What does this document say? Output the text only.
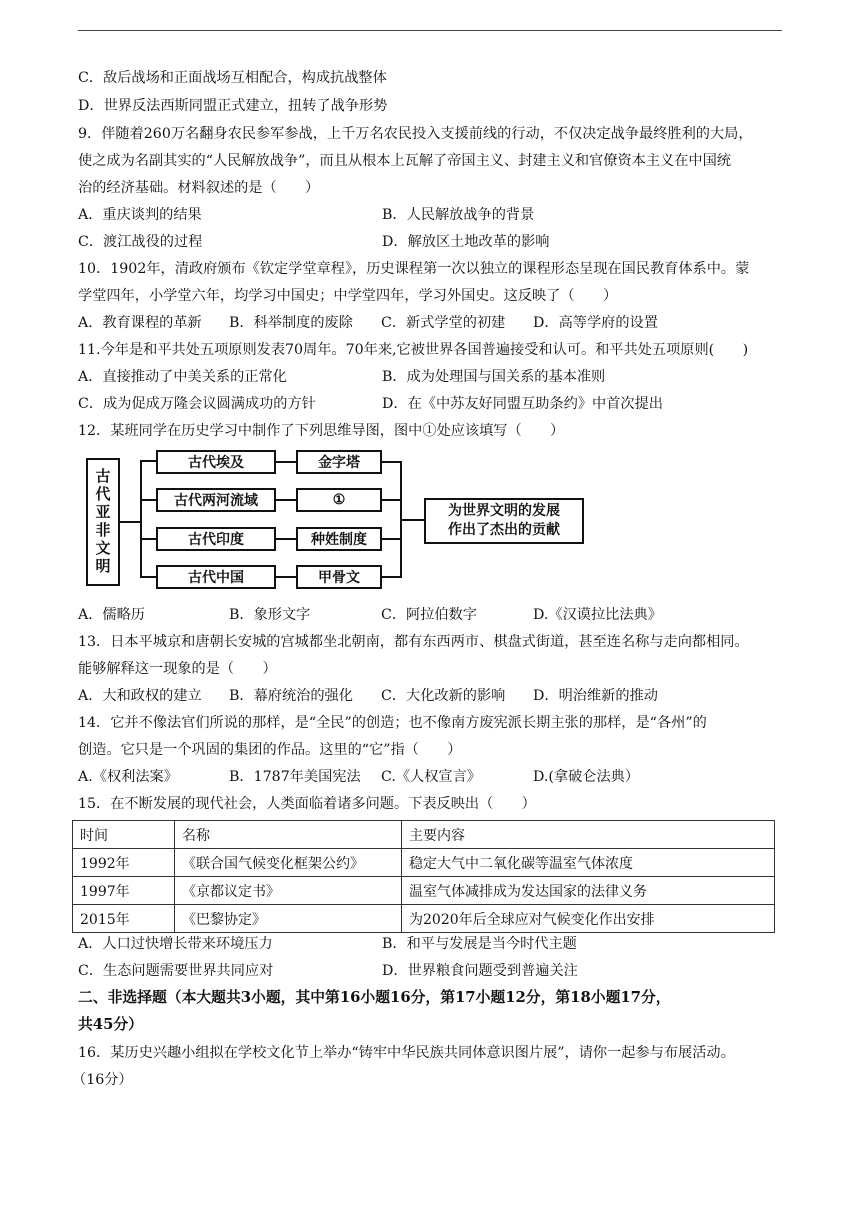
C．敌后战场和正面战场互相配合，构成抗战整体
D．世界反法西斯同盟正式建立，扭转了战争形势
9．伴随着260万名翻身农民参军参战，上千万名农民投入支援前线的行动，不仅决定战争最终胜利的大局，
使之成为名副其实的“人民解放战争”，而且从根本上瓦解了帝国主义、封建主义和官僚资本主义在中国统
治的经济基础。材料叙述的是（　　）
A．重庆谈判的结果	B．人民解放战争的背景
C．渡江战役的过程	D．解放区土地改革的影响
10．1902年，清政府颁布《钦定学堂章程》，历史课程第一次以独立的课程形态呈现在国民教育体系中。蒙
学堂四年，小学堂六年，均学习中国史；中学堂四年，学习外国史。这反映了（　　）
A．教育课程的革新 B．科举制度的废除 C．新式学堂的初建 D．高等学府的设置
11.今年是和平共处五项原则发表70周年。70年来,它被世界各国普遍接受和认可。和平共处五项原则(　　)
A．直接推动了中美关系的正常化	B．成为处理国与国关系的基本准则
C．成为促成万隆会议圆满成功的方针	D．在《中苏友好同盟互助条约》中首次提出
12．某班同学在历史学习中制作了下列思维导图，图中①处应该填写（　　）
古代亚非文明
古代埃及
古代两河流域
古代印度
古代中国
金字塔
①
种姓制度
甲骨文
为世界文明的发展
作出了杰出的贡献
A．儒略历	B．象形文字	C．阿拉伯数字	D.《汉谟拉比法典》
13．日本平城京和唐朝长安城的宫城都坐北朝南，都有东西两市、棋盘式街道，甚至连名称与走向都相同。
能够解释这一现象的是（　　）
A．大和政权的建立 B．幕府统治的强化 C．大化改新的影响 D．明治维新的推动
14．它并不像法官们所说的那样，是“全民”的创造；也不像南方废宪派长期主张的那样，是“各州”的
创造。它只是一个巩固的集团的作品。这里的“它”指（　　）
A.《权利法案》	B．1787年美国宪法 C.《人权宣言》	D.(拿破仑法典）
15．在不断发展的现代社会，人类面临着诸多问题。下表反映出（　　）
时间	名称	主要内容
1992年	《联合国气候变化框架公约》	稳定大气中二氧化碳等温室气体浓度
1997年	《京都议定书》	温室气体减排成为发达国家的法律义务
2015年	《巴黎协定》	为2020年后全球应对气候变化作出安排
A．人口过快增长带来环境压力	B．和平与发展是当今时代主题
C．生态问题需要世界共同应对	D．世界粮食问题受到普遍关注
二、非选择题（本大题共3小题，其中第16小题16分，第17小题12分，第18小题17分，
共45分）
16．某历史兴趣小组拟在学校文化节上举办“铸牢中华民族共同体意识图片展”，请你一起参与布展活动。
（16分）
